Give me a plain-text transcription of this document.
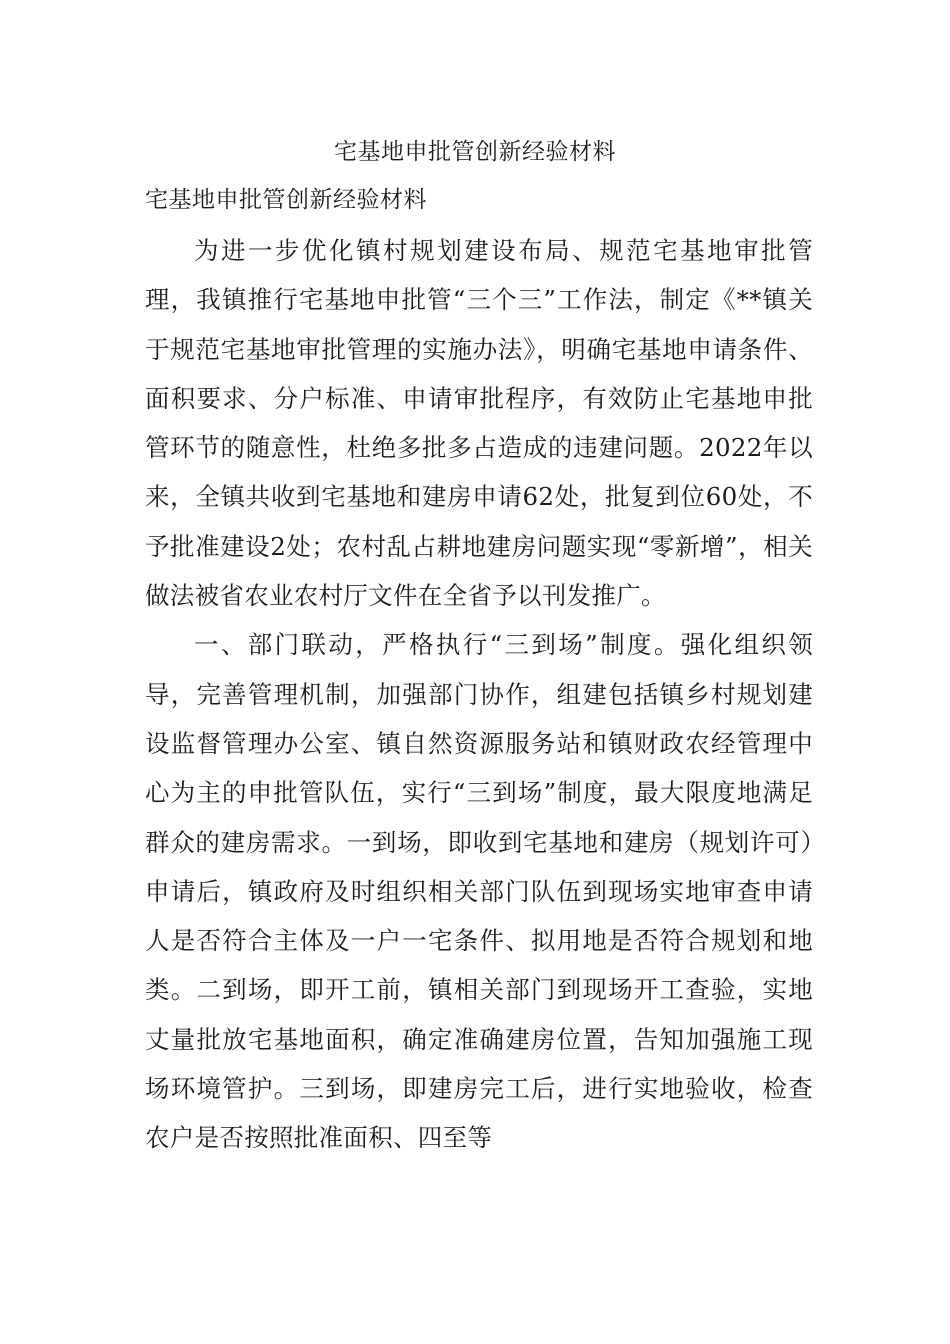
宅基地申批管创新经验材料
宅基地申批管创新经验材料

为进一步优化镇村规划建设布局、规范宅基地审批管理，我镇推行宅基地申批管“三个三”工作法，制定《**镇关于规范宅基地审批管理的实施办法》，明确宅基地申请条件、面积要求、分户标准、申请审批程序，有效防止宅基地申批管环节的随意性，杜绝多批多占造成的违建问题。2022年以来，全镇共收到宅基地和建房申请62处，批复到位60处，不予批准建设2处；农村乱占耕地建房问题实现“零新增”，相关做法被省农业农村厅文件在全省予以刊发推广。

一、部门联动，严格执行“三到场”制度。强化组织领导，完善管理机制，加强部门协作，组建包括镇乡村规划建设监督管理办公室、镇自然资源服务站和镇财政农经管理中心为主的申批管队伍，实行“三到场”制度，最大限度地满足群众的建房需求。一到场，即收到宅基地和建房（规划许可）申请后，镇政府及时组织相关部门队伍到现场实地审查申请人是否符合主体及一户一宅条件、拟用地是否符合规划和地类。二到场，即开工前，镇相关部门到现场开工查验，实地丈量批放宅基地面积，确定准确建房位置，告知加强施工现场环境管护。三到场，即建房完工后，进行实地验收，检查农户是否按照批准面积、四至等
